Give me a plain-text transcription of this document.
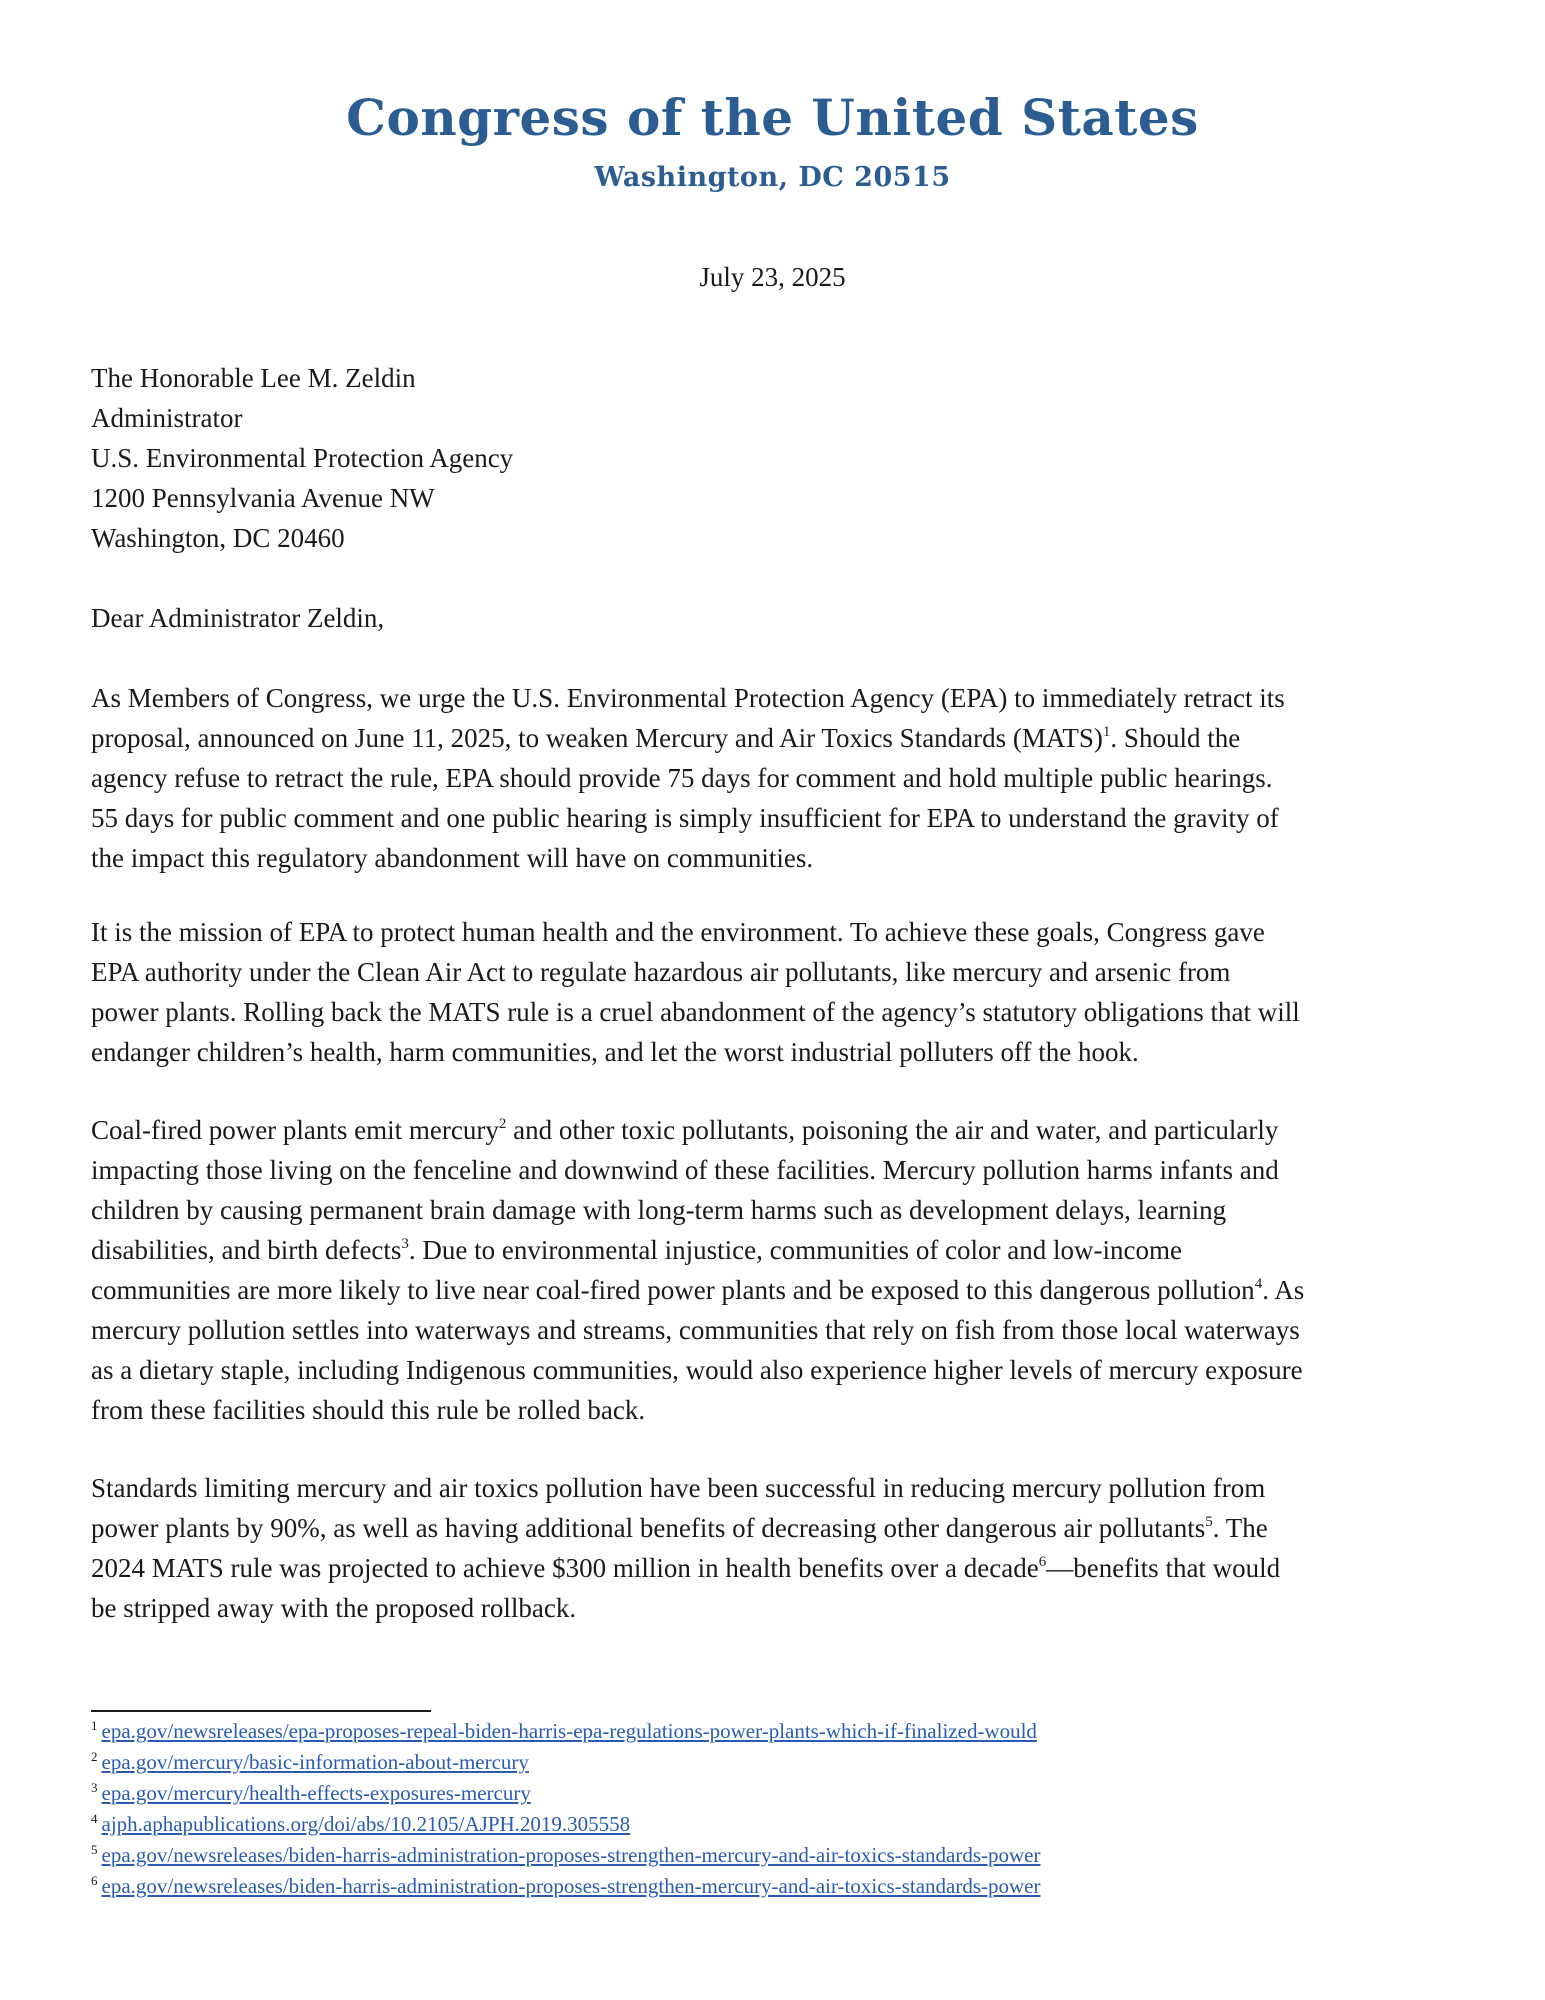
Congress of the United States
Washington, DC 20515
July 23, 2025
The Honorable Lee M. Zeldin
Administrator
U.S. Environmental Protection Agency
1200 Pennsylvania Avenue NW
Washington, DC 20460
Dear Administrator Zeldin,
As Members of Congress, we urge the U.S. Environmental Protection Agency (EPA) to immediately retract its
proposal, announced on June 11, 2025, to weaken Mercury and Air Toxics Standards (MATS)$^1$. Should the
agency refuse to retract the rule, EPA should provide 75 days for comment and hold multiple public hearings.
55 days for public comment and one public hearing is simply insufficient for EPA to understand the gravity of
the impact this regulatory abandonment will have on communities.
It is the mission of EPA to protect human health and the environment. To achieve these goals, Congress gave
EPA authority under the Clean Air Act to regulate hazardous air pollutants, like mercury and arsenic from
power plants. Rolling back the MATS rule is a cruel abandonment of the agency’s statutory obligations that will
endanger children’s health, harm communities, and let the worst industrial polluters off the hook.
Coal-fired power plants emit mercury$^2$ and other toxic pollutants, poisoning the air and water, and particularly
impacting those living on the fenceline and downwind of these facilities. Mercury pollution harms infants and
children by causing permanent brain damage with long-term harms such as development delays, learning
disabilities, and birth defects$^3$. Due to environmental injustice, communities of color and low-income
communities are more likely to live near coal-fired power plants and be exposed to this dangerous pollution$^4$. As
mercury pollution settles into waterways and streams, communities that rely on fish from those local waterways
as a dietary staple, including Indigenous communities, would also experience higher levels of mercury exposure
from these facilities should this rule be rolled back.
Standards limiting mercury and air toxics pollution have been successful in reducing mercury pollution from
power plants by 90%, as well as having additional benefits of decreasing other dangerous air pollutants$^5$. The
2024 MATS rule was projected to achieve $300 million in health benefits over a decade$^6$—benefits that would
be stripped away with the proposed rollback.
$^1$ epa.gov/newsreleases/epa-proposes-repeal-biden-harris-epa-regulations-power-plants-which-if-finalized-would
$^2$ epa.gov/mercury/basic-information-about-mercury
$^3$ epa.gov/mercury/health-effects-exposures-mercury
$^4$ ajph.aphapublications.org/doi/abs/10.2105/AJPH.2019.305558
$^5$ epa.gov/newsreleases/biden-harris-administration-proposes-strengthen-mercury-and-air-toxics-standards-power
$^6$ epa.gov/newsreleases/biden-harris-administration-proposes-strengthen-mercury-and-air-toxics-standards-power
